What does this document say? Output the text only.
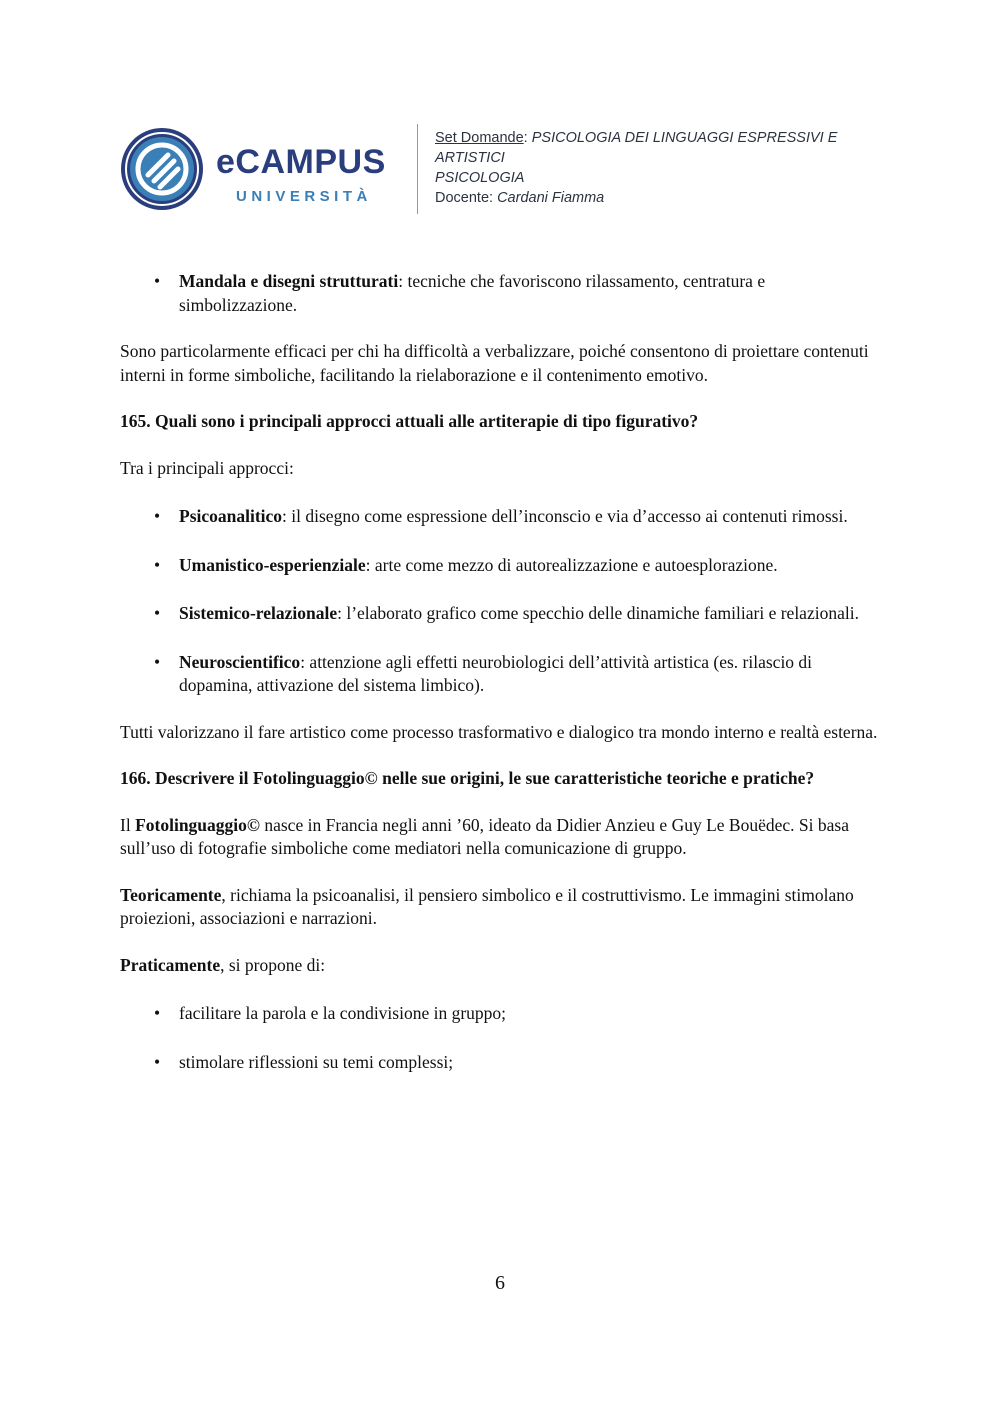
eCAMPUS
UNIVERSITÀ
Set Domande: PSICOLOGIA DEI LINGUAGGI ESPRESSIVI E ARTISTICI
PSICOLOGIA
Docente: Cardani Fiamma

• Mandala e disegni strutturati: tecniche che favoriscono rilassamento, centratura e simbolizzazione.

Sono particolarmente efficaci per chi ha difficoltà a verbalizzare, poiché consentono di proiettare contenuti interni in forme simboliche, facilitando la rielaborazione e il contenimento emotivo.

165. Quali sono i principali approcci attuali alle artiterapie di tipo figurativo?

Tra i principali approcci:

• Psicoanalitico: il disegno come espressione dell’inconscio e via d’accesso ai contenuti rimossi.

• Umanistico-esperienziale: arte come mezzo di autorealizzazione e autoesplorazione.

• Sistemico-relazionale: l’elaborato grafico come specchio delle dinamiche familiari e relazionali.

• Neuroscientifico: attenzione agli effetti neurobiologici dell’attività artistica (es. rilascio di dopamina, attivazione del sistema limbico).

Tutti valorizzano il fare artistico come processo trasformativo e dialogico tra mondo interno e realtà esterna.

166. Descrivere il Fotolinguaggio© nelle sue origini, le sue caratteristiche teoriche e pratiche?

Il Fotolinguaggio© nasce in Francia negli anni ’60, ideato da Didier Anzieu e Guy Le Bouëdec. Si basa sull’uso di fotografie simboliche come mediatori nella comunicazione di gruppo.

Teoricamente, richiama la psicoanalisi, il pensiero simbolico e il costruttivismo. Le immagini stimolano proiezioni, associazioni e narrazioni.

Praticamente, si propone di:

• facilitare la parola e la condivisione in gruppo;

• stimolare riflessioni su temi complessi;

6
